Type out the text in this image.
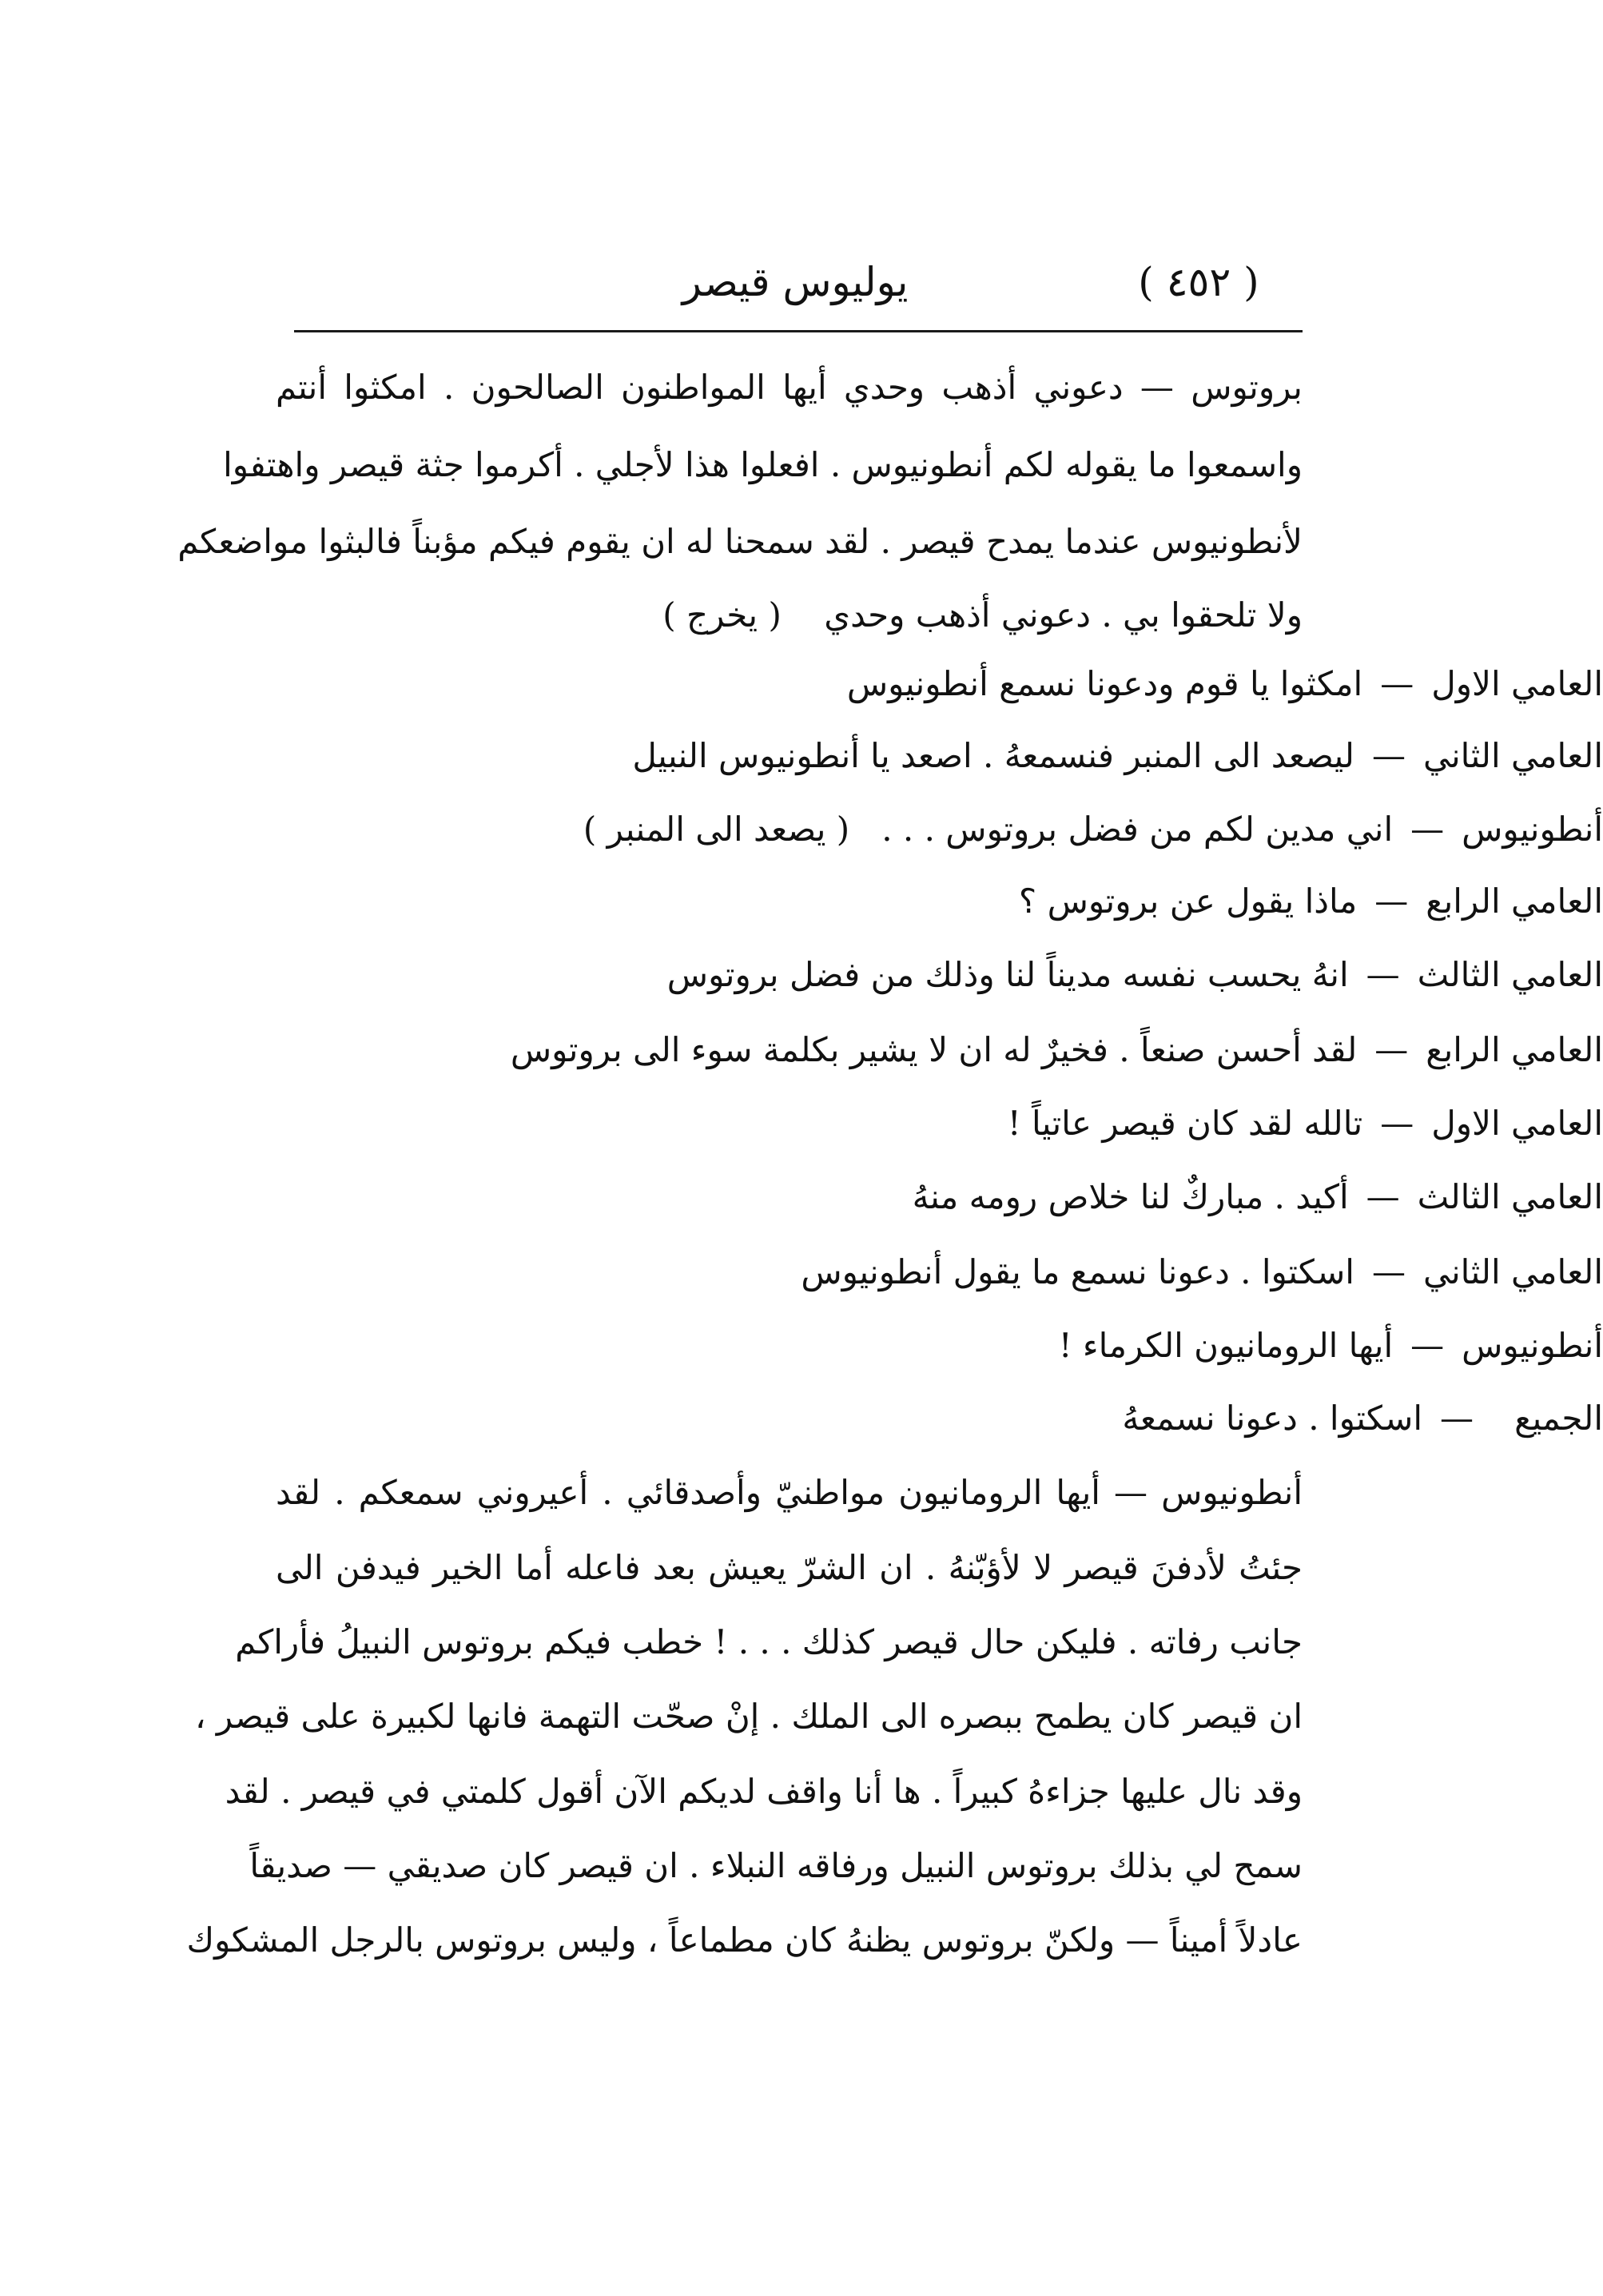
يوليوس قيصر	( ٤٥٢ )
بروتوس — دعوني أذهب وحدي أيها المواطنون الصالحون . امكثوا أنتم
واسمعوا ما يقوله لكم أنطونيوس . افعلوا هذا لأجلي . أكرموا جثة قيصر واهتفوا
لأنطونيوس عندما يمدح قيصر . لقد سمحنا له ان يقوم فيكم مؤبناً فالبثوا مواضعكم
ولا تلحقوا بي . دعوني أذهب وحدي ( يخرج )
العامي الاول—امكثوا يا قوم ودعونا نسمع أنطونيوس
العامي الثاني—ليصعد الى المنبر فنسمعهُ . اصعد يا أنطونيوس النبيل
أنطونيوس—اني مدين لكم من فضل بروتوس . . .( يصعد الى المنبر )
العامي الرابع—ماذا يقول عن بروتوس ؟
العامي الثالث—انهُ يحسب نفسه مديناً لنا وذلك من فضل بروتوس
العامي الرابع—لقد أحسن صنعاً . فخيرٌ له ان لا يشير بكلمة سوء الى بروتوس
العامي الاول—تالله لقد كان قيصر عاتياً !
العامي الثالث—أكيد . مباركٌ لنا خلاص رومه منهُ
العامي الثاني—اسكتوا . دعونا نسمع ما يقول أنطونيوس
أنطونيوس—أيها الرومانيون الكرماء !
الجميع—اسكتوا . دعونا نسمعهُ
أنطونيوس — أيها الرومانيون مواطنيّ وأصدقائي . أعيروني سمعكم . لقد
جئتُ لأدفنَ قيصر لا لأؤبّنهُ . ان الشرّ يعيش بعد فاعله أما الخير فيدفن الى
جانب رفاته . فليكن حال قيصر كذلك . . . ! خطب فيكم بروتوس النبيلُ فأراكم
ان قيصر كان يطمح ببصره الى الملك . إنْ صحّت التهمة فانها لكبيرة على قيصر ،
وقد نال عليها جزاءهُ كبيراً . ها أنا واقف لديكم الآن أقول كلمتي في قيصر . لقد
سمح لي بذلك بروتوس النبيل ورفاقه النبلاء . ان قيصر كان صديقي — صديقاً
عادلاً أميناً — ولكنّ بروتوس يظنهُ كان مطماعاً ، وليس بروتوس بالرجل المشكوك
